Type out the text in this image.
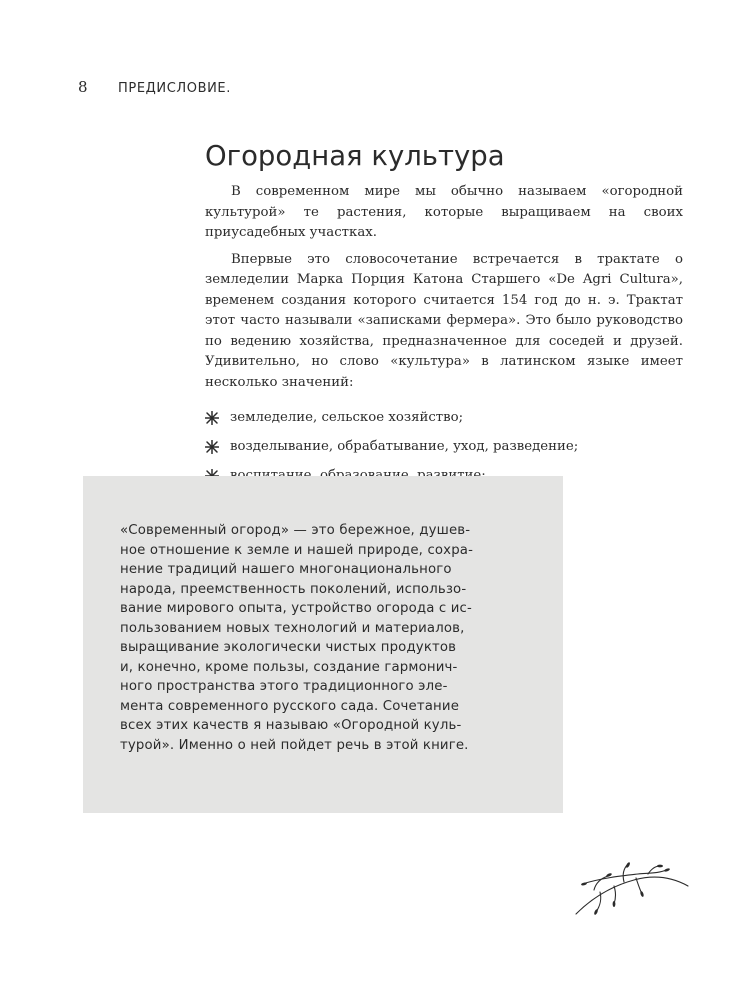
8 ПРЕДИСЛОВИЕ.
Огородная культура

В современном мире мы обычно называем «огородной культурой» те растения, которые выращиваем на своих приусадебных участках.

Впервые это словосочетание встречается в трактате о земледелии Марка Порция Катона Старшего «De Agri Cultura», временем создания которого считается 154 год до н. э. Трактат этот часто называли «записками фермера». Это было руководство по ведению хозяйства, предназначенное для соседей и друзей. Удивительно, но слово «культура» в латинском языке имеет несколько значений:

земледелие, сельское хозяйство;
возделывание, обрабатывание, уход, разведение;
«Современный огород» — это бережное, душев-
ное отношение к земле и нашей природе, сохра-
нение традиций нашего многонационального
народа, преемственность поколений, использо-
вание мирового опыта, устройство огорода с ис-
пользованием новых технологий и материалов,
выращивание экологически чистых продуктов
и, конечно, кроме пользы, создание гармонич-
ного пространства этого традиционного эле-
мента современного русского сада. Сочетание
всех этих качеств я называю «Огородной куль-
турой». Именно о ней пойдет речь в этой книге.
